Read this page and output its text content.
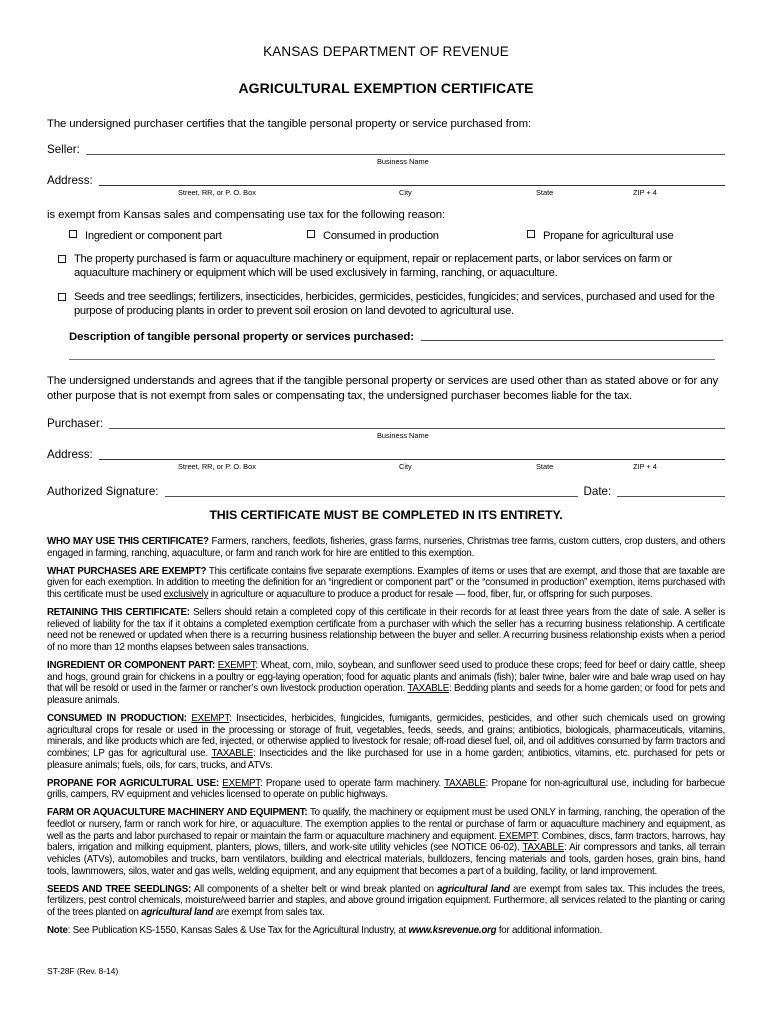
KANSAS DEPARTMENT OF REVENUE
AGRICULTURAL EXEMPTION CERTIFICATE
The undersigned purchaser certifies that the tangible personal property or service purchased from:
Seller:
Business Name
Address:
Street, RR, or P. O. Box	City	State	ZIP + 4
is exempt from Kansas sales and compensating use tax for the following reason:
Ingredient or component part	Consumed in production	Propane for agricultural use
The property purchased is farm or aquaculture machinery or equipment, repair or replacement parts, or labor services on farm or aquaculture machinery or equipment which will be used exclusively in farming, ranching, or aquaculture.
Seeds and tree seedlings; fertilizers, insecticides, herbicides, germicides, pesticides, fungicides; and services, purchased and used for the purpose of producing plants in order to prevent soil erosion on land devoted to agricultural use.
Description of tangible personal property or services purchased :
The undersigned understands and agrees that if the tangible personal property or services are used other than as stated above or for any other purpose that is not exempt from sales or compensating tax, the undersigned purchaser becomes liable for the tax.
Purchaser:
Business Name
Address:
Street, RR, or P. O. Box	City	State	ZIP + 4
Authorized Signature:	Date:
THIS CERTIFICATE MUST BE COMPLETED IN ITS ENTIRETY.

WHO MAY USE THIS CERTIFICATE? Farmers, ranchers, feedlots, fisheries, grass farms, nurseries, Christmas tree farms, custom cutters, crop dusters, and others engaged in farming, ranching, aquaculture, or farm and ranch work for hire are entitled to this exemption.

WHAT PURCHASES ARE EXEMPT? This certificate contains five separate exemptions. Examples of items or uses that are exempt, and those that are taxable are given for each exemption. In addition to meeting the definition for an “ingredient or component part” or the “consumed in production” exemption, items purchased with this certificate must be used exclusively in agriculture or aquaculture to produce a product for resale — food, fiber, fur, or offspring for such purposes.

RETAINING THIS CERTIFICATE: Sellers should retain a completed copy of this certificate in their records for at least three years from the date of sale. A seller is relieved of liability for the tax if it obtains a completed exemption certificate from a purchaser with which the seller has a recurring business relationship. A certificate need not be renewed or updated when there is a recurring business relationship between the buyer and seller. A recurring business relationship exists when a period of no more than 12 months elapses between sales transactions.

INGREDIENT OR COMPONENT PART: EXEMPT: Wheat, corn, milo, soybean, and sunflower seed used to produce these crops; feed for beef or dairy cattle, sheep and hogs, ground grain for chickens in a poultry or egg-laying operation; food for aquatic plants and animals (fish); baler twine, baler wire and bale wrap used on hay that will be resold or used in the farmer or rancher’s own livestock production operation. TAXABLE: Bedding plants and seeds for a home garden; or food for pets and pleasure animals.

CONSUMED IN PRODUCTION: EXEMPT: Insecticides, herbicides, fungicides, fumigants, germicides, pesticides, and other such chemicals used on growing agricultural crops for resale or used in the processing or storage of fruit, vegetables, feeds, seeds, and grains; antibiotics, biologicals, pharmaceuticals, vitamins, minerals, and like products which are fed, injected, or otherwise applied to livestock for resale; off-road diesel fuel, oil, and oil additives consumed by farm tractors and combines; LP gas for agricultural use. TAXABLE: Insecticides and the like purchased for use in a home garden; antibiotics, vitamins, etc. purchased for pets or pleasure animals; fuels, oils, for cars, trucks, and ATVs.

PROPANE FOR AGRICULTURAL USE: EXEMPT: Propane used to operate farm machinery. TAXABLE: Propane for non-agricultural use, including for barbecue grills, campers, RV equipment and vehicles licensed to operate on public highways.

FARM OR AQUACULTURE MACHINERY AND EQUIPMENT: To qualify, the machinery or equipment must be used ONLY in farming, ranching, the operation of the feedlot or nursery, farm or ranch work for hire, or aquaculture. The exemption applies to the rental or purchase of farm or aquaculture machinery and equipment, as well as the parts and labor purchased to repair or maintain the farm or aquaculture machinery and equipment. EXEMPT: Combines, discs, farm tractors, harrows, hay balers, irrigation and milking equipment, planters, plows, tillers, and work-site utility vehicles (see NOTICE 06-02). TAXABLE: Air compressors and tanks, all terrain vehicles (ATVs), automobiles and trucks, barn ventilators, building and electrical materials, bulldozers, fencing materials and tools, garden hoses, grain bins, hand tools, lawnmowers, silos, water and gas wells, welding equipment, and any equipment that becomes a part of a building, facility, or land improvement.

SEEDS AND TREE SEEDLINGS: All components of a shelter belt or wind break planted on agricultural land are exempt from sales tax. This includes the trees, fertilizers, pest control chemicals, moisture/weed barrier and staples, and above ground irrigation equipment. Furthermore, all services related to the planting or caring of the trees planted on agricultural land are exempt from sales tax.

Note: See Publication KS-1550, Kansas Sales & Use Tax for the Agricultural Industry, at www.ksrevenue.org for additional information.

ST-28F (Rev. 8-14)
